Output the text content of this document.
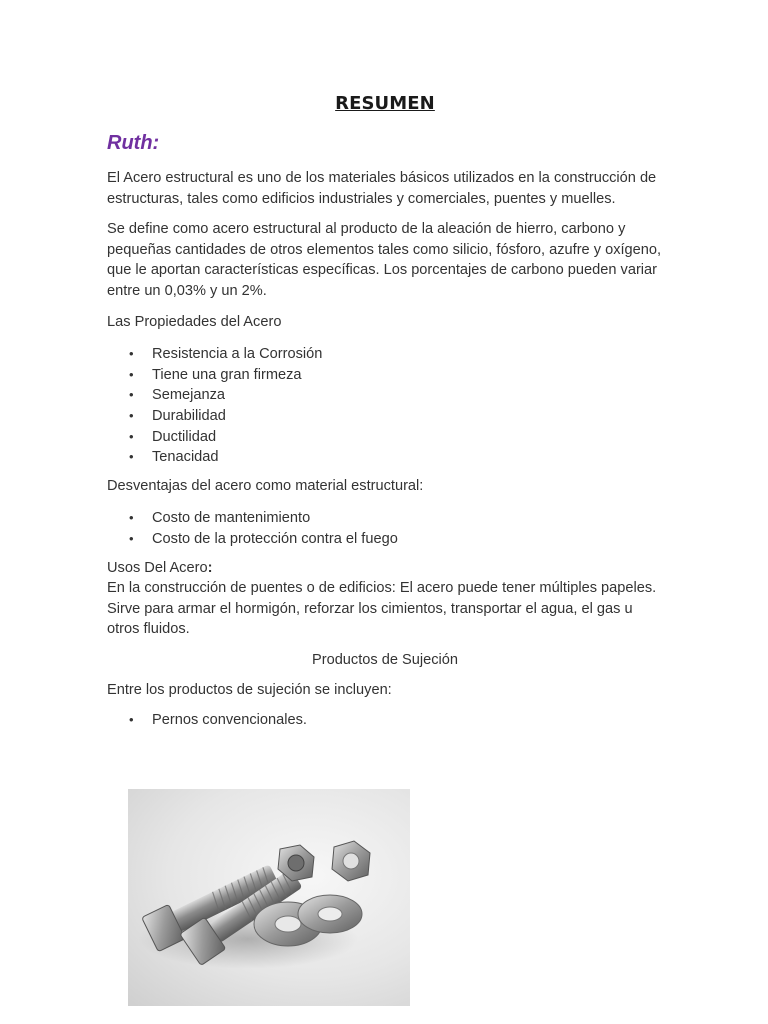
RESUMEN
Ruth:

El Acero estructural es uno de los materiales básicos utilizados en la construcción de estructuras, tales como edificios industriales y comerciales, puentes y muelles.

Se define como acero estructural al producto de la aleación de hierro, carbono y pequeñas cantidades de otros elementos tales como silicio, fósforo, azufre y oxígeno, que le aportan características específicas. Los porcentajes de carbono pueden variar entre un 0,03% y un 2%.

Las Propiedades del Acero
• Resistencia a la Corrosión
• Tiene una gran firmeza
• Semejanza
• Durabilidad
• Ductilidad
• Tenacidad
Desventajas del acero como material estructural:
• Costo de mantenimiento
• Costo de la protección contra el fuego
Usos Del Acero:

En la construcción de puentes o de edificios: El acero puede tener múltiples papeles. Sirve para armar el hormigón, reforzar los cimientos, transportar el agua, el gas u otros fluidos.

Productos de Sujeción

Entre los productos de sujeción se incluyen:

• Pernos convencionales.
